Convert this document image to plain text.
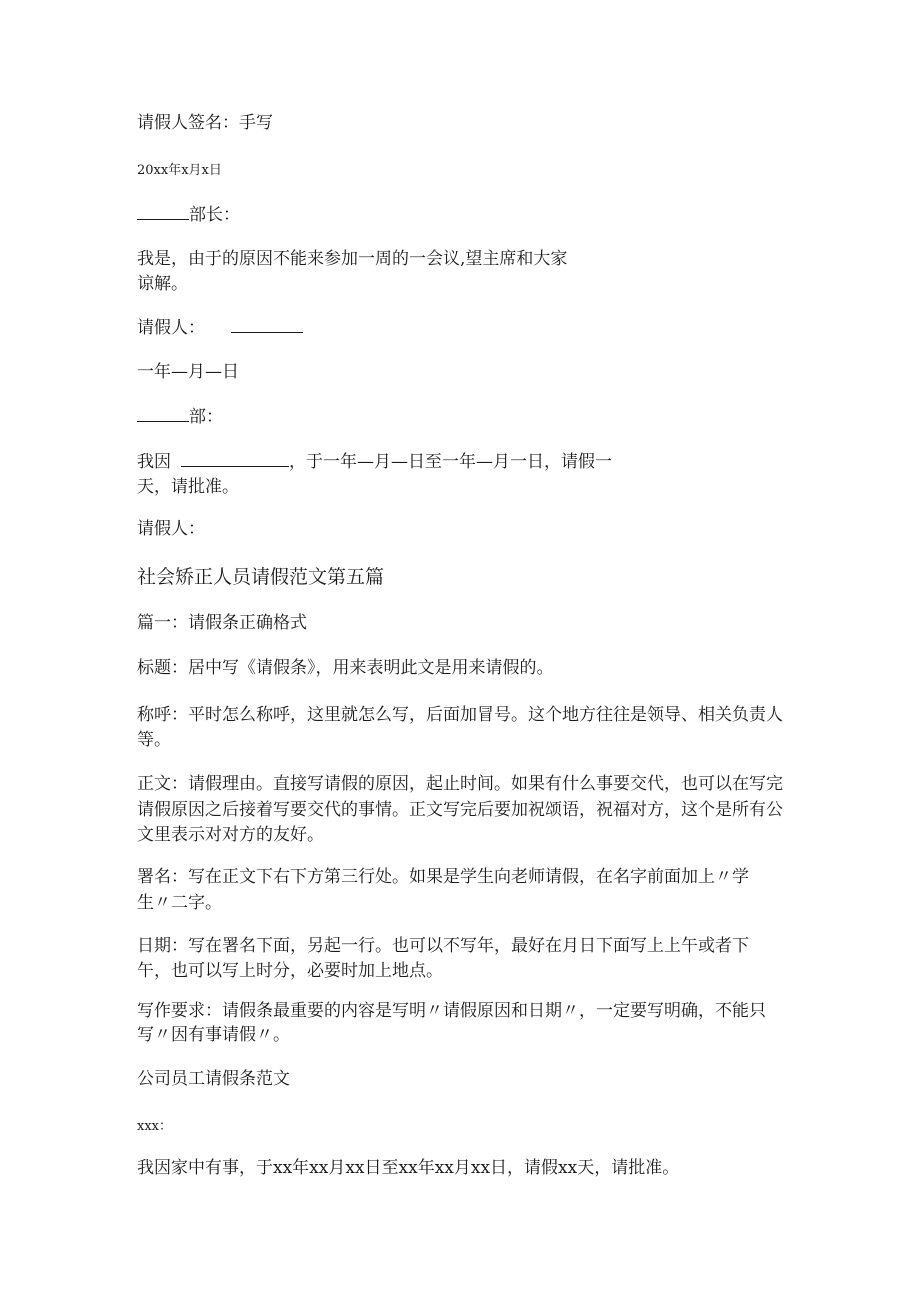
请假人签名：手写

20xx年x月x日

部长：

我是，由于的原因不能来参加一周的一会议,望主席和大家

谅解。

请假人：

一年—月—日

部：

我因	，于一年—月—日至一年—月一日，请假一

天，请批准。

请假人：

社会矫正人员请假范文第五篇

篇一：请假条正确格式

标题：居中写《请假条》，用来表明此文是用来请假的。

称呼：平时怎么称呼，这里就怎么写，后面加冒号。这个地方往往是领导、相关负责人

等。

正文：请假理由。直接写请假的原因，起止时间。如果有什么事要交代，也可以在写完

请假原因之后接着写要交代的事情。正文写完后要加祝颂语，祝福对方，这个是所有公

文里表示对对方的友好。

署名：写在正文下右下方第三行处。如果是学生向老师请假，在名字前面加上〃学

生〃二字。

日期：写在署名下面，另起一行。也可以不写年，最好在月日下面写上上午或者下

午，也可以写上时分，必要时加上地点。

写作要求：请假条最重要的内容是写明〃请假原因和日期〃，一定要写明确，不能只

写〃因有事请假〃。

公司员工请假条范文

xxx：

我因家中有事，于xx年xx月xx日至xx年xx月xx日，请假xx天，请批准。
